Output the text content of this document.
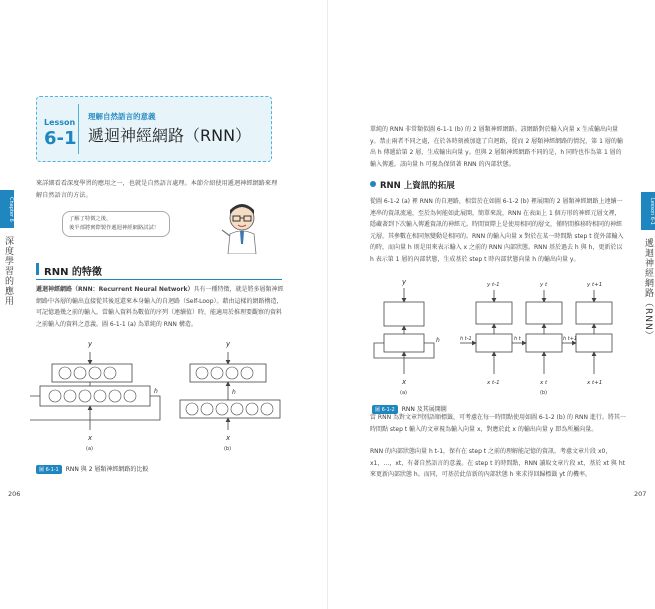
Lesson
6-1
理解自然語言的意義
遞迴神經網路（RNN）
來詳細看看深度學習的應用之一，也就是自然語言處理。本節介紹使用遞迴神經網路來理解自然語言的方法。
了解了特徵之後，
後半部將實際製作遞迴神經網路試試！
RNN 的特徵
遞迴神經網路（RNN：Recurrent Neural Network）具有一種特徵，就是將多層類神經網路中各層的輸出直接從其後返還來本身輸入的自迴路（Self-Loop）。藉由這樣的網路構造，可記憶過幾之前的輸入，當輸入資料為數值的序列（連續值）時，能適用於推理要觀察的資料之前輸入的資料之意義。圖 6-1-1 (a) 為單純的 RNN 構造。
y
x
h
(a)
y
x
h
(b)
圖 6-1-1 RNN 與 2 層類神經網路的比較
Chapter 6
深度學習的應用
206
單純的 RNN 非常類似圖 6-1-1 (b) 的 2 層類神經網路。該網路對於輸入向量 x 生成輸出向量 y。禁止兩者不同之處，在於各時刻被加進了自迴路，從而 2 層類神經網路的情況，第 1 層的輸出 h 傳遞給第 2 層，生成輸出向量 y。但與 2 層類神經網路不同的是，h 同時也作為第 1 層的輸入傳遞。該向量 h 可視為保留著 RNN 的內部狀態。
RNN 上資訊的拓展
從圖 6-1-2 (a) 裡 RNN 的自迴路，相當於在如圖 6-1-2 (b) 裡展開的 2 層類神經網路上連續一連串的資訊流通，至於為何能如此展開，簡單來說，RNN 在表面上 1 個方形的神經元層文裡，隱藏著到下次輸入傳遞資訊的神經元。時間實際上是使用相同的層文，僅時間推移時相同的神經元層，其參數在相同無變動是相同的。RNN 的輸入向量 x 對於在某一時間點 step t 從外部輸入的時，而向量 h 則是用來表示輸入 x 之前的 RNN 內部狀態。RNN 基於過去 h 與 h，更新於以 h 表示第 1 層的內部狀態，生成基於 step t 時內部狀態向量 h 的輸出向量 y。
y
x
h
(a)
y t-1	y t	y t+1
x t-1	x t	x t+1
h t-1	h t	h t+1
(b)
圖 6-1-2 RNN 及其展開圖
當 RNN 為對文章判別語順標籤，可考慮在每一時間點使用如圖 6-1-2 (b) 的 RNN 進行。將其一時間點 step t 輸入的文章視為輸入向量 x，對應於此 x 的輸出向量 y 即為所屬向量。
RNN 的內部狀態向量 h t-1，保有在 step t 之前的理解能記憶的資訊。考慮文章片段 x0，x1，…，xt，有著自然語言的意義。在 step t 的時間點，RNN 讀取文章片段 xt，基於 xt 與 ht 來更新內部狀態 h。而同，可基於此信新的內部狀態 h 來求得回歸標籤 yt 的機率。
Lesson 6-1
遞迴神經網路（RNN）
207
